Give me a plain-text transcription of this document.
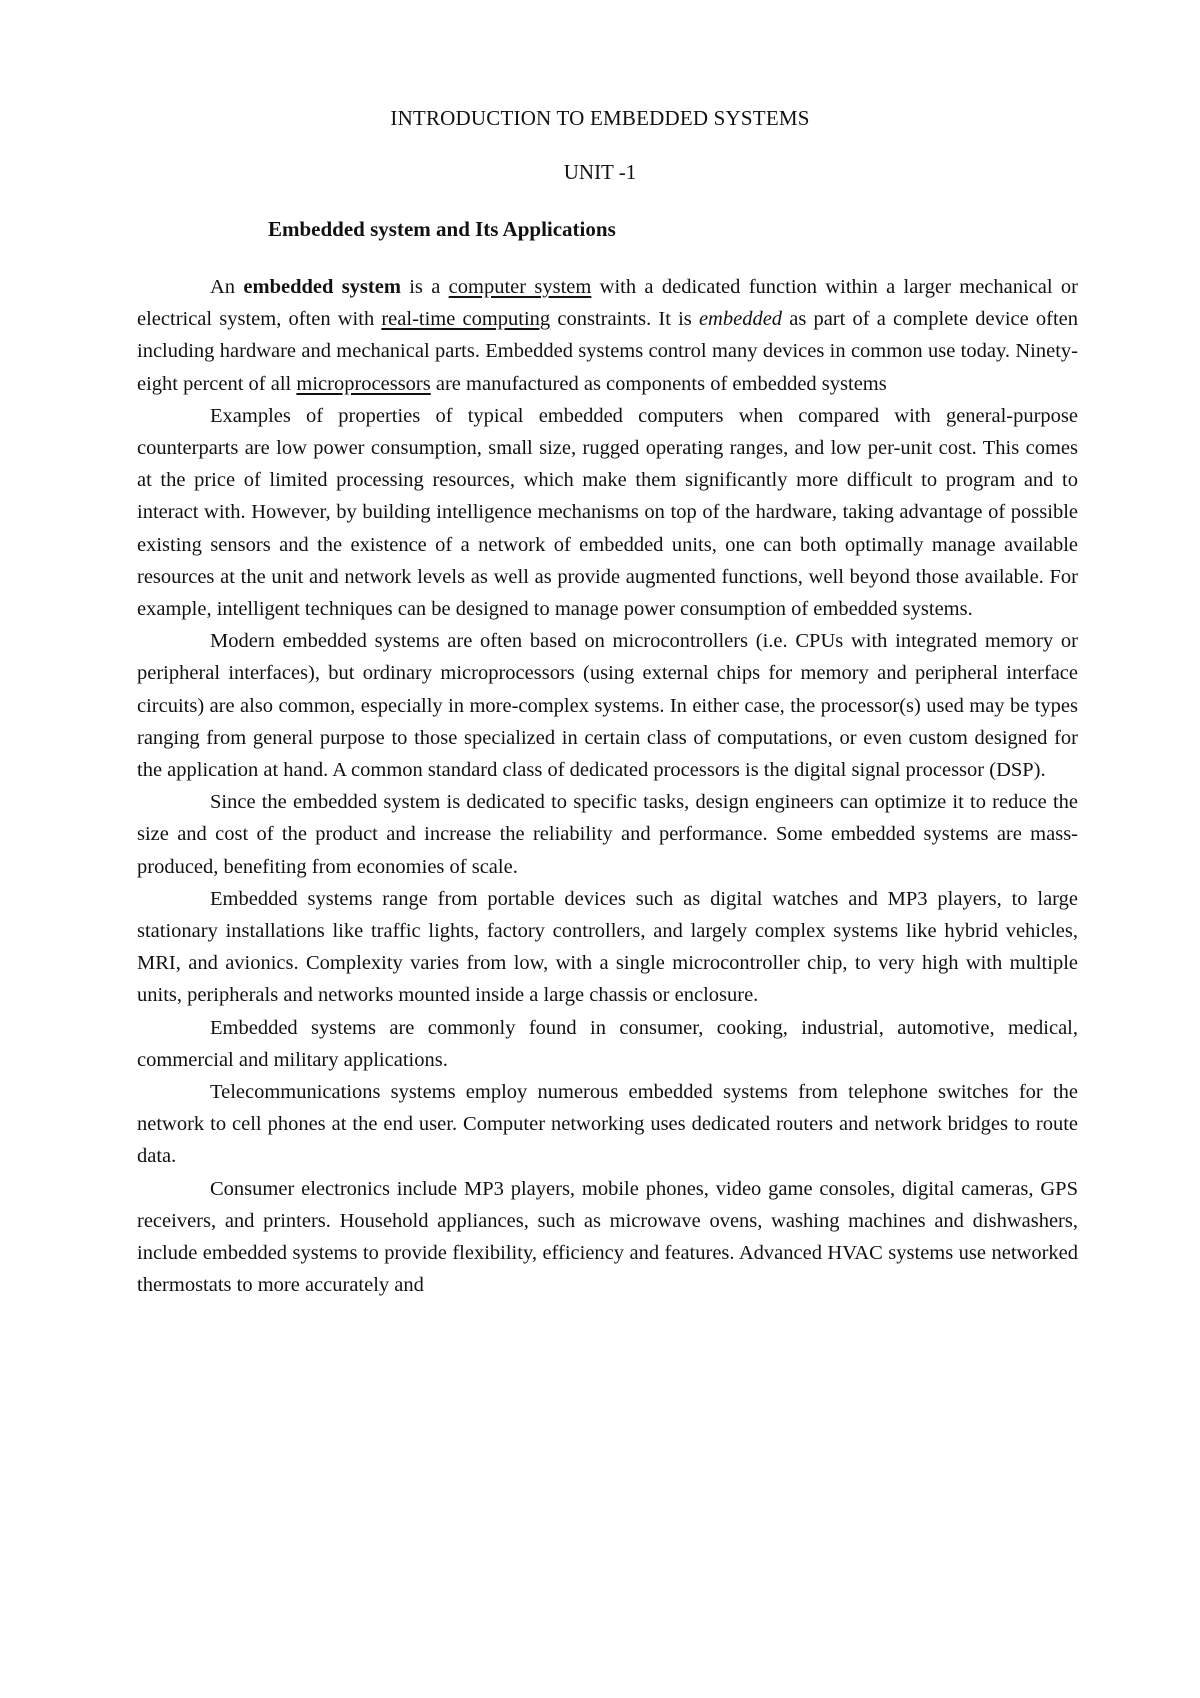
INTRODUCTION TO EMBEDDED SYSTEMS
UNIT -1
Embedded system and Its Applications

An embedded system is a computer system with a dedicated function within a larger mechanical or electrical system, often with real-time computing constraints. It is embedded as part of a complete device often including hardware and mechanical parts. Embedded systems control many devices in common use today. Ninety-eight percent of all microprocessors are manufactured as components of embedded systems

Examples of properties of typical embedded computers when compared with general-purpose counterparts are low power consumption, small size, rugged operating ranges, and low per-unit cost. This comes at the price of limited processing resources, which make them significantly more difficult to program and to interact with. However, by building intelligence mechanisms on top of the hardware, taking advantage of possible existing sensors and the existence of a network of embedded units, one can both optimally manage available resources at the unit and network levels as well as provide augmented functions, well beyond those available. For example, intelligent techniques can be designed to manage power consumption of embedded systems.

Modern embedded systems are often based on microcontrollers (i.e. CPUs with integrated memory or peripheral interfaces), but ordinary microprocessors (using external chips for memory and peripheral interface circuits) are also common, especially in more-complex systems. In either case, the processor(s) used may be types ranging from general purpose to those specialized in certain class of computations, or even custom designed for the application at hand. A common standard class of dedicated processors is the digital signal processor (DSP).

Since the embedded system is dedicated to specific tasks, design engineers can optimize it to reduce the size and cost of the product and increase the reliability and performance. Some embedded systems are mass-produced, benefiting from economies of scale.

Embedded systems range from portable devices such as digital watches and MP3 players, to large stationary installations like traffic lights, factory controllers, and largely complex systems like hybrid vehicles, MRI, and avionics. Complexity varies from low, with a single microcontroller chip, to very high with multiple units, peripherals and networks mounted inside a large chassis or enclosure.

Embedded systems are commonly found in consumer, cooking, industrial, automotive, medical, commercial and military applications.

Telecommunications systems employ numerous embedded systems from telephone switches for the network to cell phones at the end user. Computer networking uses dedicated routers and network bridges to route data.

Consumer electronics include MP3 players, mobile phones, video game consoles, digital cameras, GPS receivers, and printers. Household appliances, such as microwave ovens, washing machines and dishwashers, include embedded systems to provide flexibility, efficiency and features. Advanced HVAC systems use networked thermostats to more accurately and
